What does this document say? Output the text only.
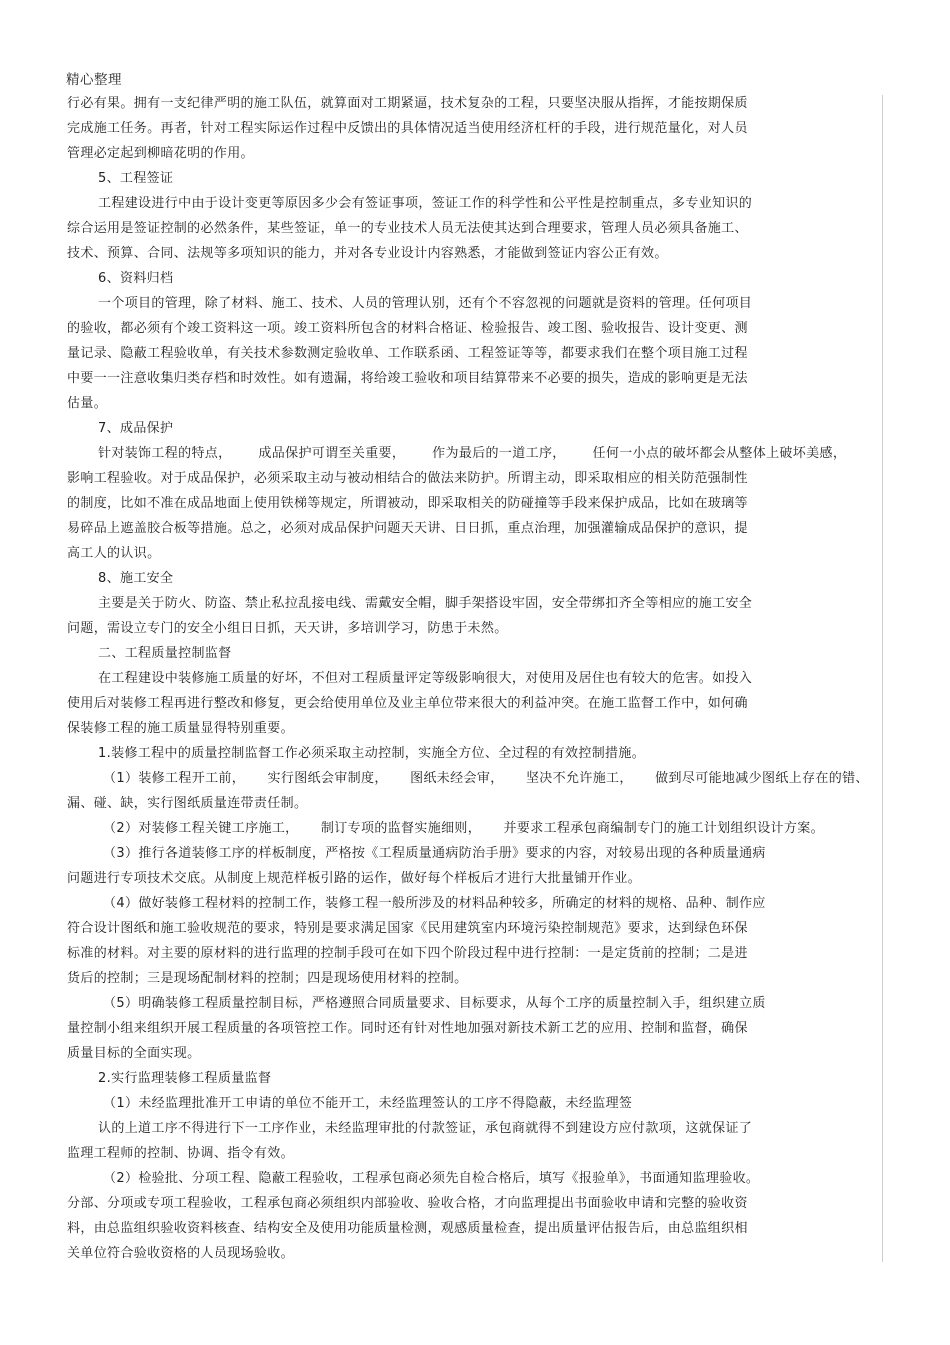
精心整理
行必有果。拥有一支纪律严明的施工队伍，就算面对工期紧逼，技术复杂的工程，只要坚决服从指挥，才能按期保质
完成施工任务。再者，针对工程实际运作过程中反馈出的具体情况适当使用经济杠杆的手段，进行规范量化，对人员
管理必定起到柳暗花明的作用。
5、工程签证
工程建设进行中由于设计变更等原因多少会有签证事项，签证工作的科学性和公平性是控制重点，多专业知识的
综合运用是签证控制的必然条件，某些签证，单一的专业技术人员无法使其达到合理要求，管理人员必须具备施工、
技术、预算、合同、法规等多项知识的能力，并对各专业设计内容熟悉，才能做到签证内容公正有效。
6、资料归档
一个项目的管理，除了材料、施工、技术、人员的管理认别，还有个不容忽视的问题就是资料的管理。任何项目
的验收，都必须有个竣工资料这一项。竣工资料所包含的材料合格证、检验报告、竣工图、验收报告、设计变更、测
量记录、隐蔽工程验收单，有关技术参数测定验收单、工作联系函、工程签证等等，都要求我们在整个项目施工过程
中要一一注意收集归类存档和时效性。如有遗漏，将给竣工验收和项目结算带来不必要的损失，造成的影响更是无法
估量。
7、成品保护
针对装饰工程的特点，      成品保护可谓至关重要，      作为最后的一道工序，      任何一小点的破坏都会从整体上破坏美感，
影响工程验收。对于成品保护，必须采取主动与被动相结合的做法来防护。所谓主动，即采取相应的相关防范强制性
的制度，比如不准在成品地面上使用铁梯等规定，所谓被动，即采取相关的防碰撞等手段来保护成品，比如在玻璃等
易碎品上遮盖胶合板等措施。总之，必须对成品保护问题天天讲、日日抓，重点治理，加强灌输成品保护的意识，提
高工人的认识。
8、施工安全
主要是关于防火、防盗、禁止私拉乱接电线、需戴安全帽，脚手架搭设牢固，安全带绑扣齐全等相应的施工安全
问题，需设立专门的安全小组日日抓，天天讲，多培训学习，防患于未然。
二、工程质量控制监督
在工程建设中装修施工质量的好坏，不但对工程质量评定等级影响很大，对使用及居住也有较大的危害。如投入
使用后对装修工程再进行整改和修复，更会给使用单位及业主单位带来很大的利益冲突。在施工监督工作中，如何确
保装修工程的施工质量显得特别重要。
1.装修工程中的质量控制监督工作必须采取主动控制，实施全方位、全过程的有效控制措施。
（1）装修工程开工前，     实行图纸会审制度，     图纸未经会审，     坚决不允许施工，     做到尽可能地减少图纸上存在的错、
漏、碰、缺，实行图纸质量连带责任制。
（2）对装修工程关键工序施工，     制订专项的监督实施细则，     并要求工程承包商编制专门的施工计划组织设计方案。
（3）推行各道装修工序的样板制度，严格按《工程质量通病防治手册》要求的内容，对较易出现的各种质量通病
问题进行专项技术交底。从制度上规范样板引路的运作，做好每个样板后才进行大批量铺开作业。
（4）做好装修工程材料的控制工作，装修工程一般所涉及的材料品种较多，所确定的材料的规格、品种、制作应
符合设计图纸和施工验收规范的要求，特别是要求满足国家《民用建筑室内环境污染控制规范》要求，达到绿色环保
标准的材料。对主要的原材料的进行监理的控制手段可在如下四个阶段过程中进行控制：一是定货前的控制；二是进
货后的控制；三是现场配制材料的控制；四是现场使用材料的控制。
（5）明确装修工程质量控制目标，严格遵照合同质量要求、目标要求，从每个工序的质量控制入手，组织建立质
量控制小组来组织开展工程质量的各项管控工作。同时还有针对性地加强对新技术新工艺的应用、控制和监督，确保
质量目标的全面实现。
2.实行监理装修工程质量监督
（1）未经监理批准开工申请的单位不能开工，未经监理签认的工序不得隐蔽，未经监理签
认的上道工序不得进行下一工序作业，未经监理审批的付款签证，承包商就得不到建设方应付款项，这就保证了
监理工程师的控制、协调、指令有效。
（2）检验批、分项工程、隐蔽工程验收，工程承包商必须先自检合格后，填写《报验单》，书面通知监理验收。
分部、分项或专项工程验收，工程承包商必须组织内部验收、验收合格，才向监理提出书面验收申请和完整的验收资
料，由总监组织验收资料核查、结构安全及使用功能质量检测，观感质量检查，提出质量评估报告后，由总监组织相
关单位符合验收资格的人员现场验收。
